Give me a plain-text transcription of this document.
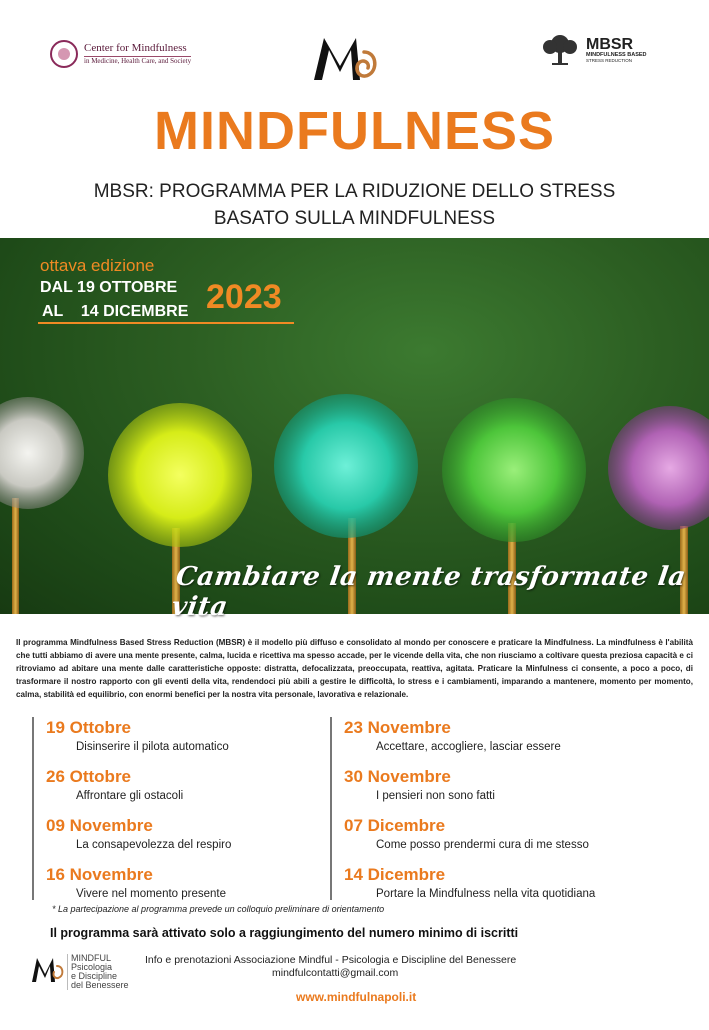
Center for Mindfulness
in Medicine, Health Care, and Society
MBSR
MINDFULNESS BASED
STRESS REDUCTION
MINDFULNESS
MBSR: PROGRAMMA PER LA RIDUZIONE DELLO STRESS
BASATO SULLA MINDFULNESS
ottava edizione
DAL 19 OTTOBRE
AL    14 DICEMBRE 2023
Cambiare la mente trasformate la vita

Il programma Mindfulness Based Stress Reduction (MBSR) è il modello più diffuso e consolidato al mondo per conoscere e praticare la Mindfulness. La mindfulness è l'abilità che tutti abbiamo di avere una mente presente, calma, lucida e ricettiva ma spesso accade, per le vicende della vita, che non riusciamo a coltivare questa preziosa capacità e ci ritroviamo ad abitare una mente dalle caratteristiche opposte: distratta, defocalizzata, preoccupata, reattiva, agitata. Praticare la Minfulness ci consente, a poco a poco, di trasformare il nostro rapporto con gli eventi della vita, rendendoci più abili a gestire le difficoltà, lo stress e i cambiamenti, imparando a mantenere, momento per momento, calma, stabilità ed equilibrio, con enormi benefici per la nostra vita personale, lavorativa e relazionale.

19 Ottobre
Disinserire il pilota automatico
26 Ottobre
Affrontare gli ostacoli
09 Novembre
La consapevolezza del respiro
16 Novembre
Vivere nel momento presente
23 Novembre
Accettare, accogliere, lasciar essere
30 Novembre
I pensieri non sono fatti
07 Dicembre
Come posso prendermi cura di me stesso
14 Dicembre
Portare la Mindfulness nella vita quotidiana
* La partecipazione al programma prevede un colloquio preliminare di orientamento
Il programma sarà attivato solo a raggiungimento del numero minimo di iscritti
MINDFUL
Psicologia
e Discipline
del Benessere
Info e prenotazioni Associazione Mindful - Psicologia e Discipline del Benessere
mindfulcontatti@gmail.com
www.mindfulnapoli.it
